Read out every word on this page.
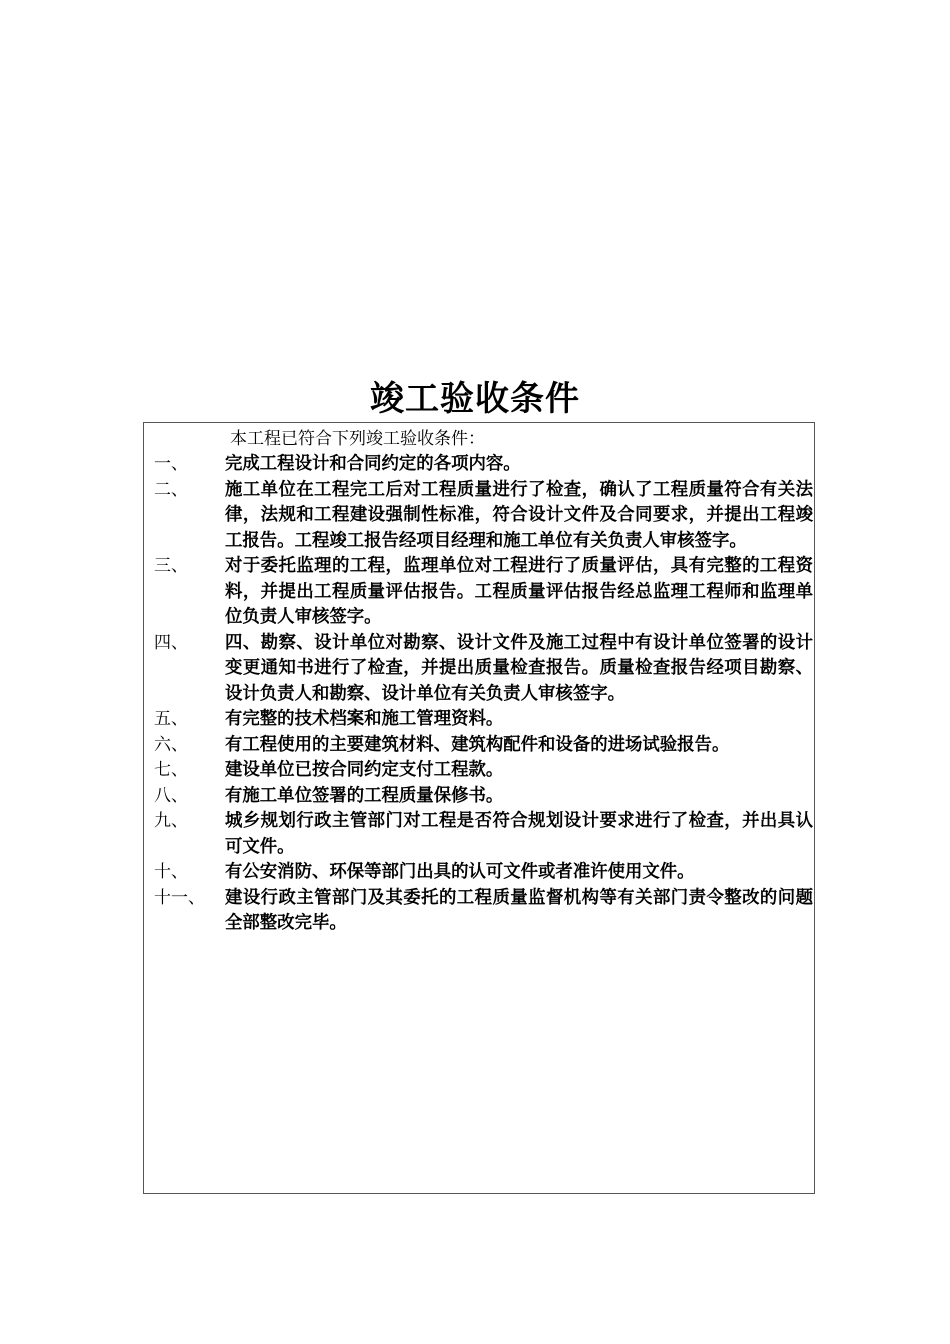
竣工验收条件
本工程已符合下列竣工验收条件：
一、	完成工程设计和合同约定的各项内容。
二、	施工单位在工程完工后对工程质量进行了检查，确认了工程质量符合有关法律，法规和工程建设强制性标准，符合设计文件及合同要求，并提出工程竣工报告。工程竣工报告经项目经理和施工单位有关负责人审核签字。
三、	对于委托监理的工程，监理单位对工程进行了质量评估，具有完整的工程资料，并提出工程质量评估报告。工程质量评估报告经总监理工程师和监理单位负责人审核签字。
四、	四、勘察、设计单位对勘察、设计文件及施工过程中有设计单位签署的设计变更通知书进行了检查，并提出质量检查报告。质量检查报告经项目勘察、设计负责人和勘察、设计单位有关负责人审核签字。
五、	有完整的技术档案和施工管理资料。
六、	有工程使用的主要建筑材料、建筑构配件和设备的进场试验报告。
七、	建设单位已按合同约定支付工程款。
八、	有施工单位签署的工程质量保修书。
九、	城乡规划行政主管部门对工程是否符合规划设计要求进行了检查，并出具认可文件。
十、	有公安消防、环保等部门出具的认可文件或者准许使用文件。
十一、	建设行政主管部门及其委托的工程质量监督机构等有关部门责令整改的问题全部整改完毕。
